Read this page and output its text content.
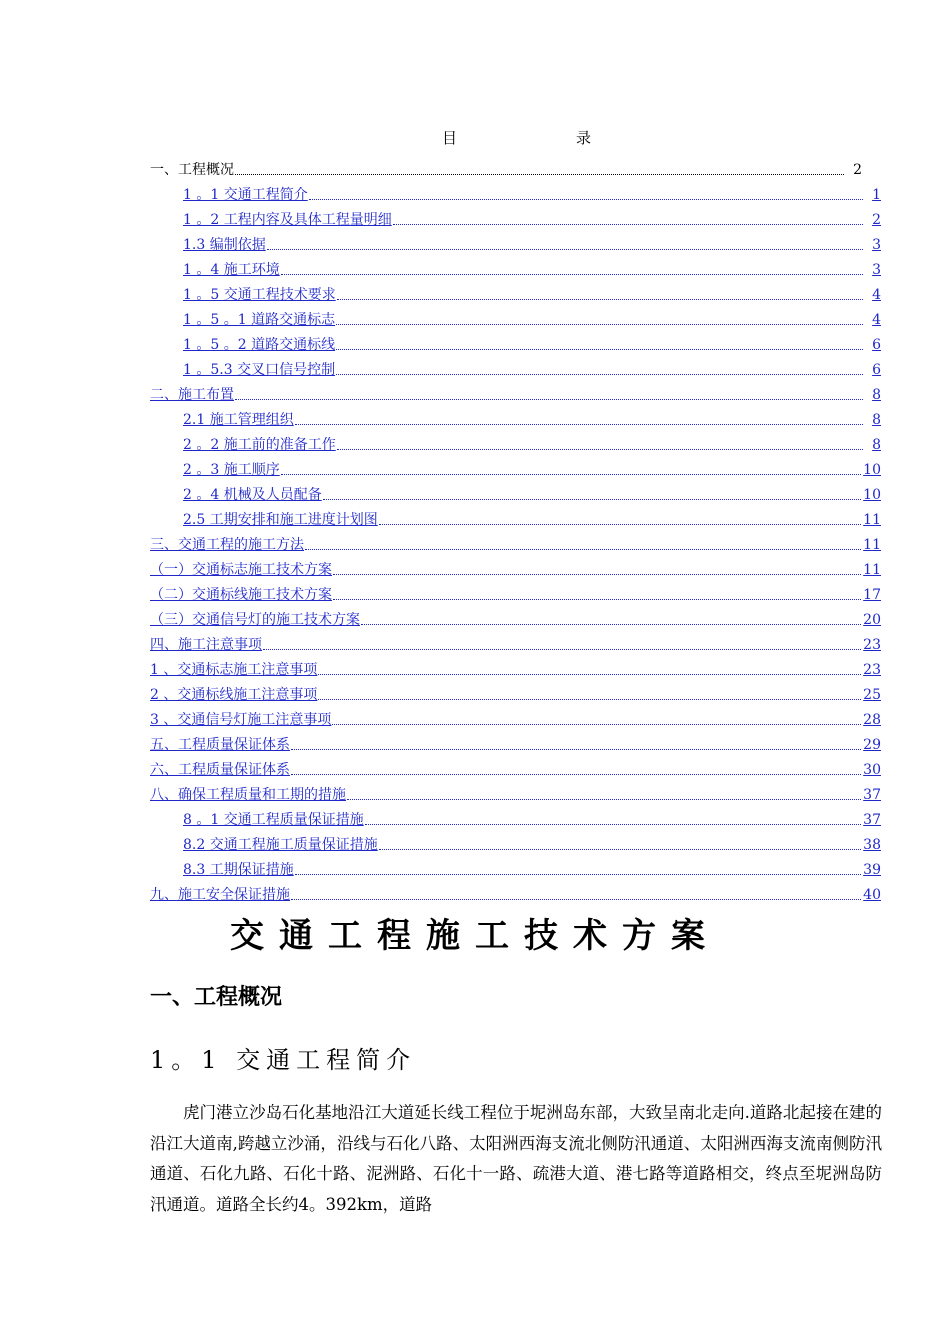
目	录
一、工程概况	2
1 。1 交通工程简介	1
1 。2 工程内容及具体工程量明细	2
1.3 编制依据	3
1 。4 施工环境	3
1 。5 交通工程技术要求	4
1 。5 。1 道路交通标志	4
1 。5 。2 道路交通标线	6
1 。5.3 交叉口信号控制	6
二、施工布置	8
2.1 施工管理组织	8
2 。2 施工前的准备工作	8
2 。3 施工顺序	10
2 。4 机械及人员配备	10
2.5 工期安排和施工进度计划图	11
三、交通工程的施工方法	11
（一）交通标志施工技术方案	11
（二）交通标线施工技术方案	17
（三）交通信号灯的施工技术方案	20
四、施工注意事项	23
1 、交通标志施工注意事项	23
2 、交通标线施工注意事项	25
3 、交通信号灯施工注意事项	28
五、工程质量保证体系	29
六、工程质量保证体系	30
八、确保工程质量和工期的措施	37
8 。1 交通工程质量保证措施	37
8.2 交通工程施工质量保证措施	38
8.3 工期保证措施	39
九、施工安全保证措施	40
交通工程施工技术方案
一、工程概况
1。1 交通工程简介

虎门港立沙岛石化基地沿江大道延长线工程位于坭洲岛东部，大致呈南北走向.道路北起接在建的沿江大道南,跨越立沙涌，沿线与石化八路、太阳洲西海支流北侧防汛通道、太阳洲西海支流南侧防汛通道、石化九路、石化十路、泥洲路、石化十一路、疏港大道、港七路等道路相交，终点至坭洲岛防汛通道。道路全长约4。392km，道路
